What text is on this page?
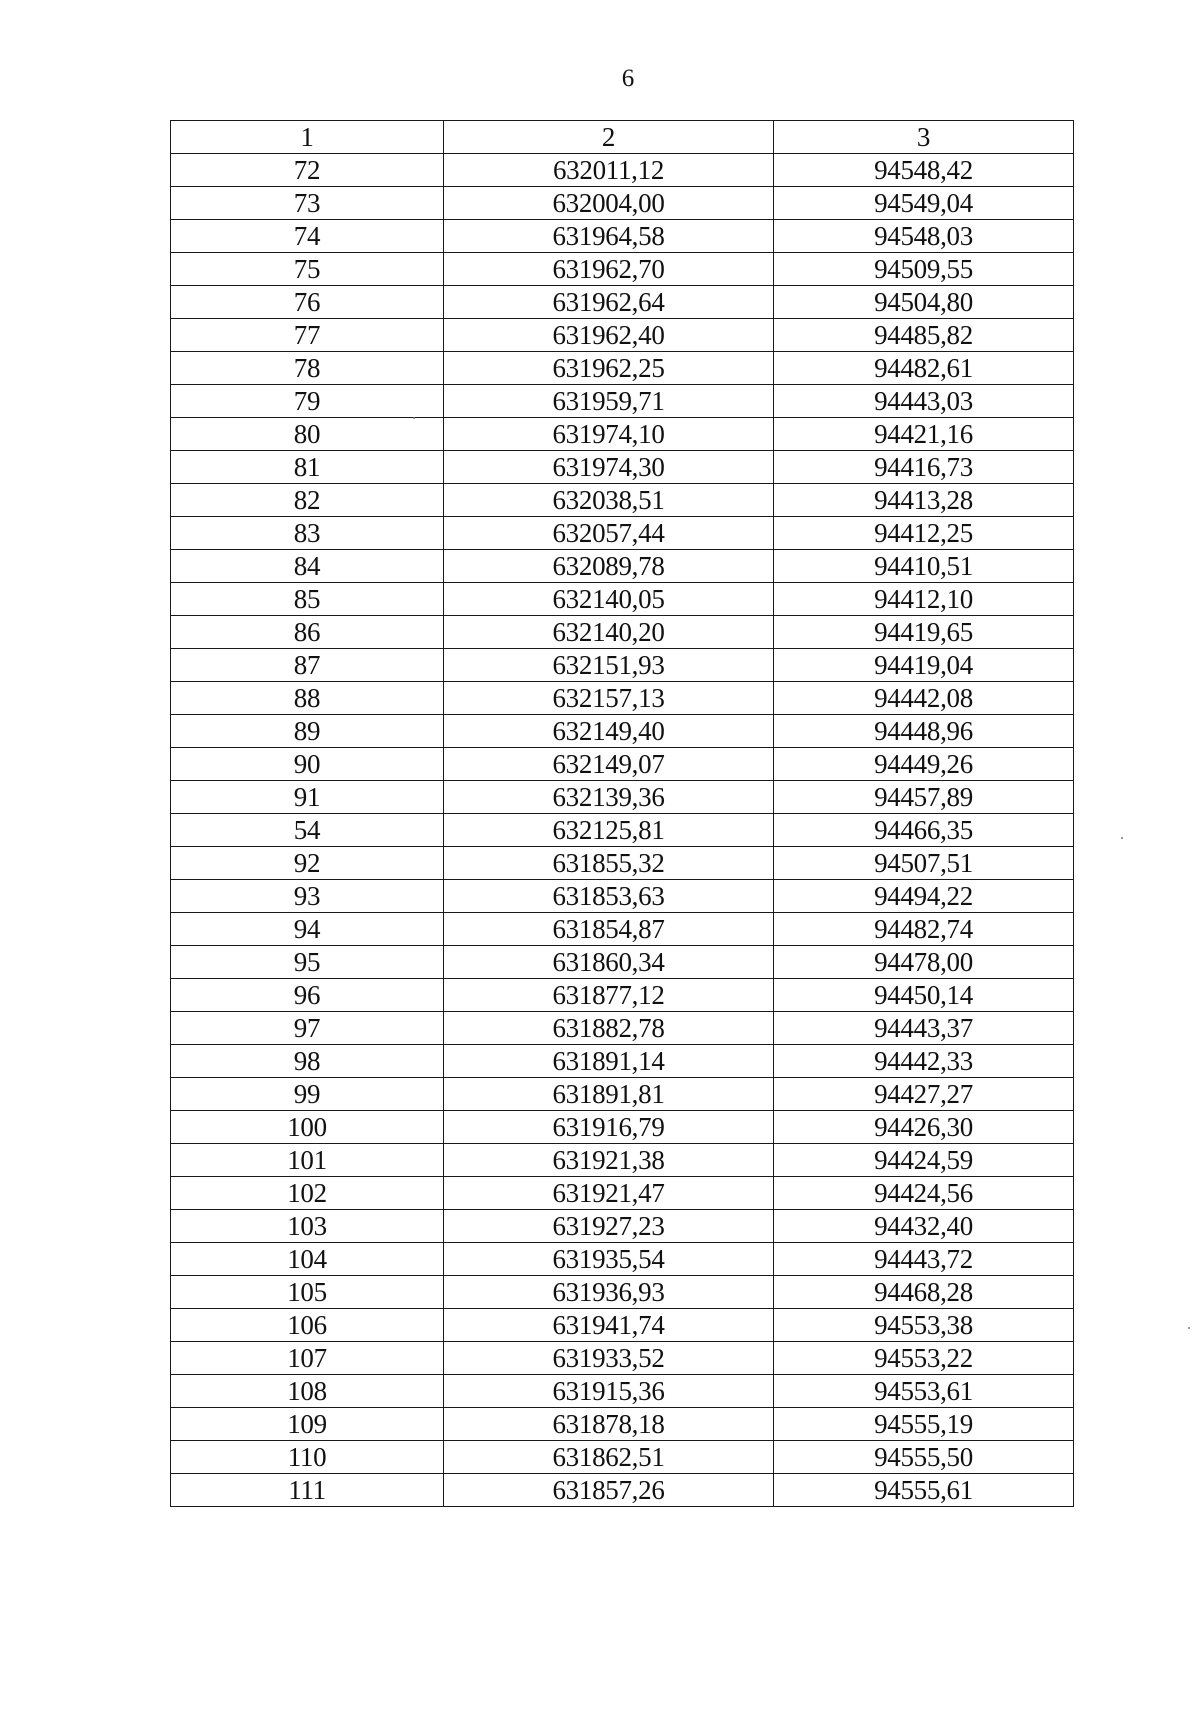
6
1	2	3
72	632011,12	94548,42
73	632004,00	94549,04
74	631964,58	94548,03
75	631962,70	94509,55
76	631962,64	94504,80
77	631962,40	94485,82
78	631962,25	94482,61
79	631959,71	94443,03
80	631974,10	94421,16
81	631974,30	94416,73
82	632038,51	94413,28
83	632057,44	94412,25
84	632089,78	94410,51
85	632140,05	94412,10
86	632140,20	94419,65
87	632151,93	94419,04
88	632157,13	94442,08
89	632149,40	94448,96
90	632149,07	94449,26
91	632139,36	94457,89
54	632125,81	94466,35
92	631855,32	94507,51
93	631853,63	94494,22
94	631854,87	94482,74
95	631860,34	94478,00
96	631877,12	94450,14
97	631882,78	94443,37
98	631891,14	94442,33
99	631891,81	94427,27
100	631916,79	94426,30
101	631921,38	94424,59
102	631921,47	94424,56
103	631927,23	94432,40
104	631935,54	94443,72
105	631936,93	94468,28
106	631941,74	94553,38
107	631933,52	94553,22
108	631915,36	94553,61
109	631878,18	94555,19
110	631862,51	94555,50
111	631857,26	94555,61
